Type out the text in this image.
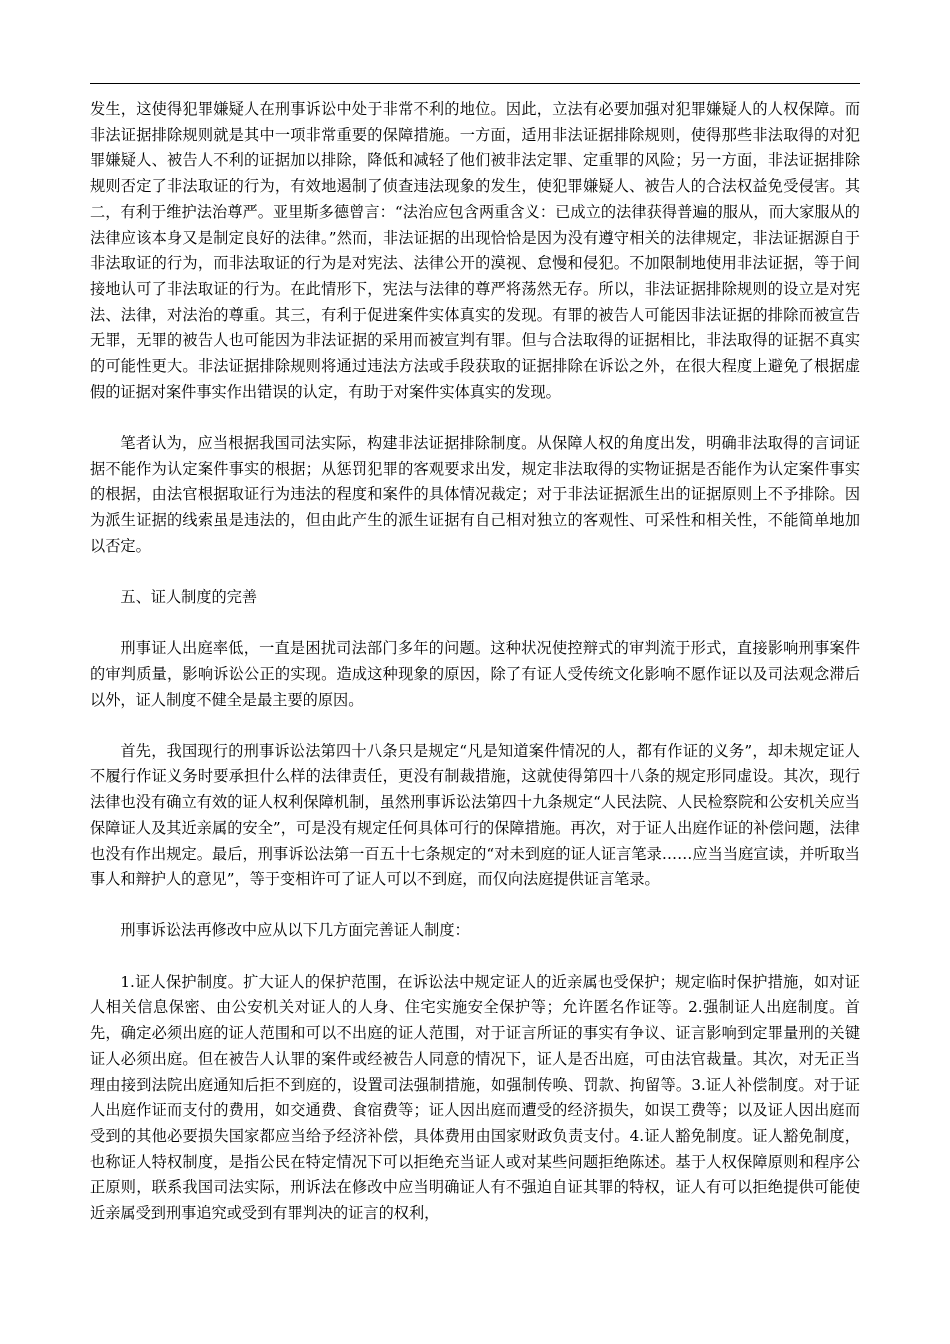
发生，这使得犯罪嫌疑人在刑事诉讼中处于非常不利的地位。因此，立法有必要加强对犯罪嫌疑人的人权保障。而非法证据排除规则就是其中一项非常重要的保障措施。一方面，适用非法证据排除规则，使得那些非法取得的对犯罪嫌疑人、被告人不利的证据加以排除，降低和减轻了他们被非法定罪、定重罪的风险；另一方面，非法证据排除规则否定了非法取证的行为，有效地遏制了侦查违法现象的发生，使犯罪嫌疑人、被告人的合法权益免受侵害。其二，有利于维护法治尊严。亚里斯多德曾言：“法治应包含两重含义：已成立的法律获得普遍的服从，而大家服从的法律应该本身又是制定良好的法律。”然而，非法证据的出现恰恰是因为没有遵守相关的法律规定，非法证据源自于非法取证的行为，而非法取证的行为是对宪法、法律公开的漠视、怠慢和侵犯。不加限制地使用非法证据，等于间接地认可了非法取证的行为。在此情形下，宪法与法律的尊严将荡然无存。所以，非法证据排除规则的设立是对宪法、法律，对法治的尊重。其三，有利于促进案件实体真实的发现。有罪的被告人可能因非法证据的排除而被宣告无罪，无罪的被告人也可能因为非法证据的采用而被宣判有罪。但与合法取得的证据相比，非法取得的证据不真实的可能性更大。非法证据排除规则将通过违法方法或手段获取的证据排除在诉讼之外，在很大程度上避免了根据虚假的证据对案件事实作出错误的认定，有助于对案件实体真实的发现。

笔者认为，应当根据我国司法实际，构建非法证据排除制度。从保障人权的角度出发，明确非法取得的言词证据不能作为认定案件事实的根据；从惩罚犯罪的客观要求出发，规定非法取得的实物证据是否能作为认定案件事实的根据，由法官根据取证行为违法的程度和案件的具体情况裁定；对于非法证据派生出的证据原则上不予排除。因为派生证据的线索虽是违法的，但由此产生的派生证据有自己相对独立的客观性、可采性和相关性，不能简单地加以否定。

五、证人制度的完善

刑事证人出庭率低，一直是困扰司法部门多年的问题。这种状况使控辩式的审判流于形式，直接影响刑事案件的审判质量，影响诉讼公正的实现。造成这种现象的原因，除了有证人受传统文化影响不愿作证以及司法观念滞后以外，证人制度不健全是最主要的原因。

首先，我国现行的刑事诉讼法第四十八条只是规定“凡是知道案件情况的人，都有作证的义务”，却未规定证人不履行作证义务时要承担什么样的法律责任，更没有制裁措施，这就使得第四十八条的规定形同虚设。其次，现行法律也没有确立有效的证人权利保障机制，虽然刑事诉讼法第四十九条规定“人民法院、人民检察院和公安机关应当保障证人及其近亲属的安全”，可是没有规定任何具体可行的保障措施。再次，对于证人出庭作证的补偿问题，法律也没有作出规定。最后，刑事诉讼法第一百五十七条规定的“对未到庭的证人证言笔录……应当当庭宣读，并听取当事人和辩护人的意见”，等于变相许可了证人可以不到庭，而仅向法庭提供证言笔录。

刑事诉讼法再修改中应从以下几方面完善证人制度：

1.证人保护制度。扩大证人的保护范围，在诉讼法中规定证人的近亲属也受保护；规定临时保护措施，如对证人相关信息保密、由公安机关对证人的人身、住宅实施安全保护等；允许匿名作证等。2.强制证人出庭制度。首先，确定必须出庭的证人范围和可以不出庭的证人范围，对于证言所证的事实有争议、证言影响到定罪量刑的关键证人必须出庭。但在被告人认罪的案件或经被告人同意的情况下，证人是否出庭，可由法官裁量。其次，对无正当理由接到法院出庭通知后拒不到庭的，设置司法强制措施，如强制传唤、罚款、拘留等。3.证人补偿制度。对于证人出庭作证而支付的费用，如交通费、食宿费等；证人因出庭而遭受的经济损失，如误工费等；以及证人因出庭而受到的其他必要损失国家都应当给予经济补偿，具体费用由国家财政负责支付。4.证人豁免制度。证人豁免制度，也称证人特权制度，是指公民在特定情况下可以拒绝充当证人或对某些问题拒绝陈述。基于人权保障原则和程序公正原则，联系我国司法实际，刑诉法在修改中应当明确证人有不强迫自证其罪的特权，证人有可以拒绝提供可能使近亲属受到刑事追究或受到有罪判决的证言的权利，
